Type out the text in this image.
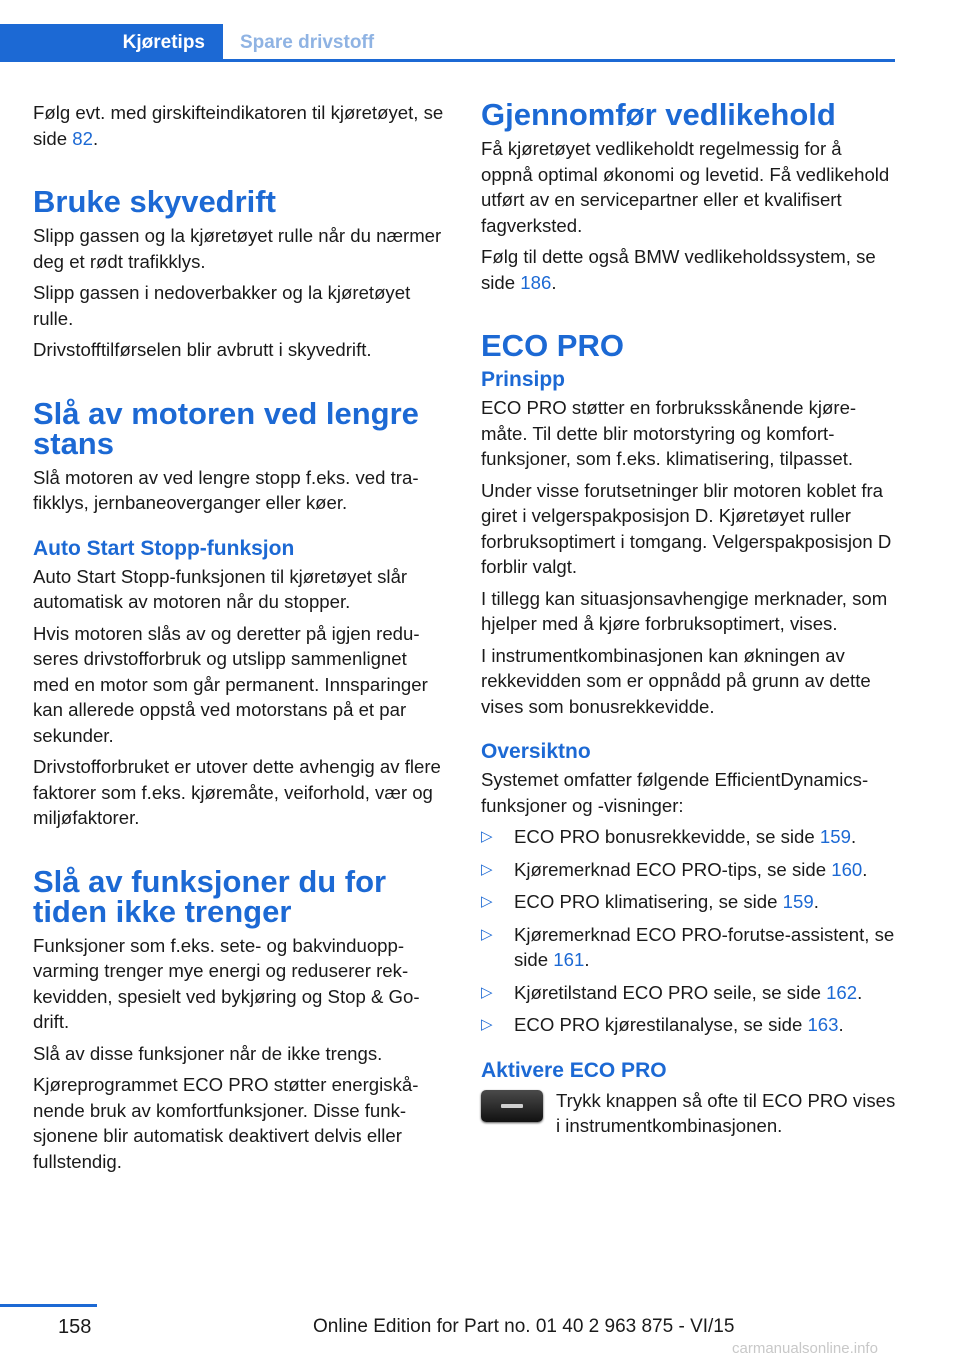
Kjøretips	Spare drivstoff

Følg evt. med girskifteindikatoren til kjøretøyet, se side 82.

Bruke skyvedrift

Slipp gassen og la kjøretøyet rulle når du nærmer deg et rødt trafikklys.

Slipp gassen i nedoverbakker og la kjøretøyet rulle.

Drivstofftilførselen blir avbrutt i skyvedrift.

Slå av motoren ved lengre stans

Slå motoren av ved lengre stopp f.eks. ved trafikklys, jernbaneoverganger eller køer.

Auto Start Stopp-funksjon

Auto Start Stopp-funksjonen til kjøretøyet slår automatisk av motoren når du stopper.

Hvis motoren slås av og deretter på igjen reduseres drivstofforbruk og utslipp sammenlignet med en motor som går permanent. Innsparinger kan allerede oppstå ved motorstans på et par sekunder.

Drivstofforbruket er utover dette avhengig av flere faktorer som f.eks. kjøremåte, veiforhold, vær og miljøfaktorer.

Slå av funksjoner du for tiden ikke trenger

Funksjoner som f.eks. sete- og bakvinduoppvarming trenger mye energi og reduserer rekkevidden, spesielt ved bykjøring og Stop & Go-drift.

Slå av disse funksjoner når de ikke trengs.

Kjøreprogrammet ECO PRO støtter energiskånende bruk av komfortfunksjoner. Disse funksjonene blir automatisk deaktivert delvis eller fullstendig.

Gjennomfør vedlikehold

Få kjøretøyet vedlikeholdt regelmessig for å oppnå optimal økonomi og levetid. Få vedlikehold utført av en servicepartner eller et kvalifisert fagverksted.

Følg til dette også BMW vedlikeholdssystem, se side 186.

ECO PRO
Prinsipp

ECO PRO støtter en forbruksskånende kjøremåte. Til dette blir motorstyring og komfortfunksjoner, som f.eks. klimatisering, tilpasset.

Under visse forutsetninger blir motoren koblet fra giret i velgerspakposisjon D. Kjøretøyet ruller forbruksoptimert i tomgang. Velgerspakposisjon D forblir valgt.

I tillegg kan situasjonsavhengige merknader, som hjelper med å kjøre forbruksoptimert, vises.

I instrumentkombinasjonen kan økningen av rekkevidden som er oppnådd på grunn av dette vises som bonusrekkevidde.

Oversiktno

Systemet omfatter følgende EfficientDynamics-funksjoner og -visninger:

▷ ECO PRO bonusrekkevidde, se side 159.
▷ Kjøremerknad ECO PRO-tips, se side 160.
▷ ECO PRO klimatisering, se side 159.
▷ Kjøremerknad ECO PRO-forutse-assistent, se side 161.
▷ Kjøretilstand ECO PRO seile, se side 162.
▷ ECO PRO kjørestilanalyse, se side 163.
Aktivere ECO PRO

Trykk knappen så ofte til ECO PRO vises i instrumentkombinasjonen.

158	Online Edition for Part no. 01 40 2 963 875 - VI/15
carmanualsonline.info
